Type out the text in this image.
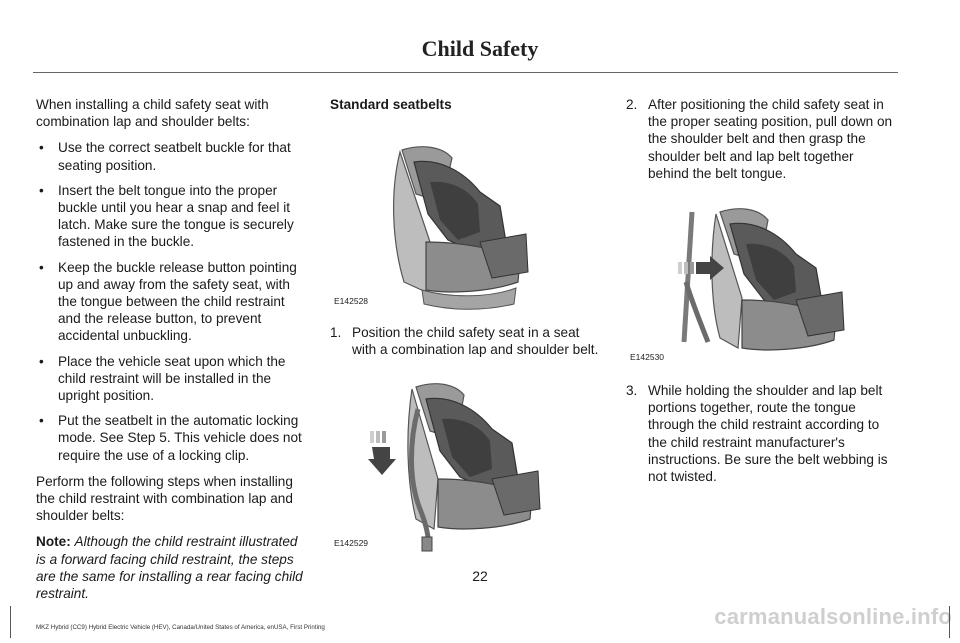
Child Safety

When installing a child safety seat with combination lap and shoulder belts:

• Use the correct seatbelt buckle for that seating position.
• Insert the belt tongue into the proper buckle until you hear a snap and feel it latch. Make sure the tongue is securely fastened in the buckle.
• Keep the buckle release button pointing up and away from the safety seat, with the tongue between the child restraint and the release button, to prevent accidental unbuckling.
• Place the vehicle seat upon which the child restraint will be installed in the upright position.
• Put the seatbelt in the automatic locking mode. See Step 5. This vehicle does not require the use of a locking clip.

Perform the following steps when installing the child restraint with combination lap and shoulder belts:

Note: Although the child restraint illustrated is a forward facing child restraint, the steps are the same for installing a rear facing child restraint.

Standard seatbelts

E142528
1. Position the child safety seat in a seat with a combination lap and shoulder belt.
E142529
2. After positioning the child safety seat in the proper seating position, pull down on the shoulder belt and then grasp the shoulder belt and lap belt together behind the belt tongue.
E142530
3. While holding the shoulder and lap belt portions together, route the tongue through the child restraint according to the child restraint manufacturer's instructions. Be sure the belt webbing is not twisted.
22
MKZ Hybrid (CC9) Hybrid Electric Vehicle (HEV), Canada/United States of America, enUSA, First Printing	carmanualsonline.info
